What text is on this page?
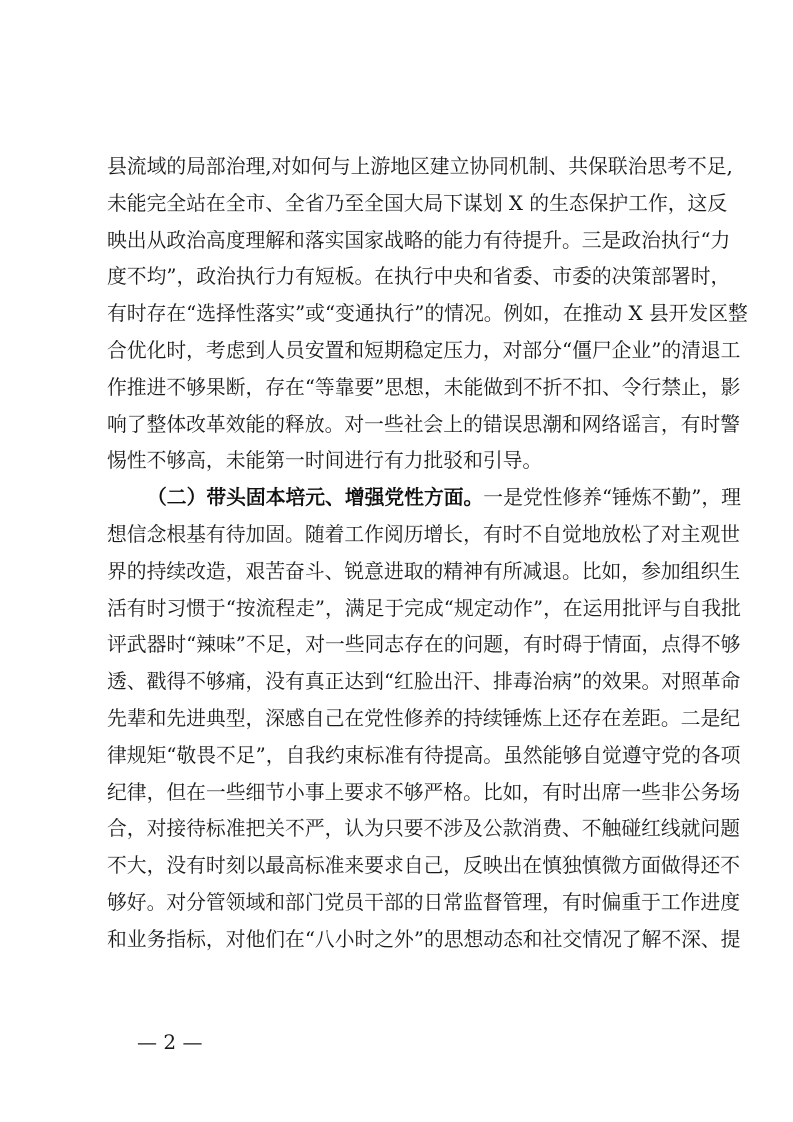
县流域的局部治理,对如何与上游地区建立协同机制、共保联治思考不足,
未能完全站在全市、全省乃至全国大局下谋划 X 的生态保护工作，这反
映出从政治高度理解和落实国家战略的能力有待提升。三是政治执行“力
度不均”，政治执行力有短板。在执行中央和省委、市委的决策部署时，
有时存在“选择性落实”或“变通执行”的情况。例如，在推动 X 县开发区整
合优化时，考虑到人员安置和短期稳定压力，对部分“僵尸企业”的清退工
作推进不够果断，存在“等靠要”思想，未能做到不折不扣、令行禁止，影
响了整体改革效能的释放。对一些社会上的错误思潮和网络谣言，有时警
惕性不够高，未能第一时间进行有力批驳和引导。
（二）带头固本培元、增强党性方面。一是党性修养“锤炼不勤”，理
想信念根基有待加固。随着工作阅历增长，有时不自觉地放松了对主观世
界的持续改造，艰苦奋斗、锐意进取的精神有所减退。比如，参加组织生
活有时习惯于“按流程走”，满足于完成“规定动作”，在运用批评与自我批
评武器时“辣味”不足，对一些同志存在的问题，有时碍于情面，点得不够
透、戳得不够痛，没有真正达到“红脸出汗、排毒治病”的效果。对照革命
先辈和先进典型，深感自己在党性修养的持续锤炼上还存在差距。二是纪
律规矩“敬畏不足”，自我约束标准有待提高。虽然能够自觉遵守党的各项
纪律，但在一些细节小事上要求不够严格。比如，有时出席一些非公务场
合，对接待标准把关不严，认为只要不涉及公款消费、不触碰红线就问题
不大，没有时刻以最高标准来要求自己，反映出在慎独慎微方面做得还不
够好。对分管领域和部门党员干部的日常监督管理，有时偏重于工作进度
和业务指标，对他们在“八小时之外”的思想动态和社交情况了解不深、提
— 2 —
